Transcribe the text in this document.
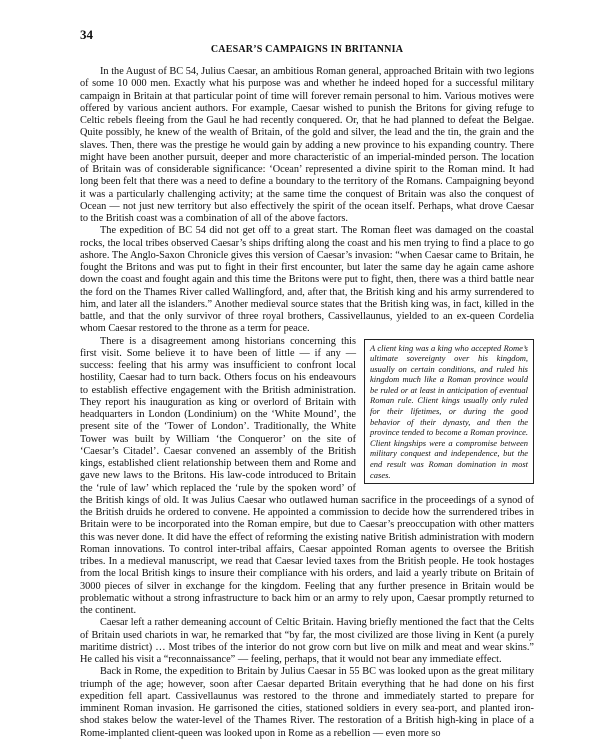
34
CAESAR’S CAMPAIGNS IN BRITANNIA

In the August of BC 54, Julius Caesar, an ambitious Roman general, approached Britain with two legions of some 10 000 men. Exactly what his purpose was and whether he indeed hoped for a successful military campaign in Britain at that particular point of time will forever remain personal to him. Various motives were offered by various ancient authors. For example, Caesar wished to punish the Britons for giving refuge to Celtic rebels fleeing from the Gaul he had recently conquered. Or, that he had planned to defeat the Belgae. Quite possibly, he knew of the wealth of Britain, of the gold and silver, the lead and the tin, the grain and the slaves. Then, there was the prestige he would gain by adding a new province to his expanding country. There might have been another pursuit, deeper and more characteristic of an imperial-minded person. The location of Britain was of considerable significance: ‘Ocean’ represented a divine spirit to the Roman mind. It had long been felt that there was a need to define a boundary to the territory of the Romans. Campaigning beyond it was a particularly challenging activity; at the same time the conquest of Britain was also the conquest of Ocean — not just new territory but also effectively the spirit of the ocean itself. Perhaps, what drove Caesar to the British coast was a combination of all of the above factors.

The expedition of BC 54 did not get off to a great start. The Roman fleet was damaged on the coastal rocks, the local tribes observed Caesar’s ships drifting along the coast and his men trying to find a place to go ashore. The Anglo-Saxon Chronicle gives this version of Caesar’s invasion: “when Caesar came to Britain, he fought the Britons and was put to fight in their first encounter, but later the same day he again came ashore down the coast and fought again and this time the Britons were put to fight, then, there was a third battle near the ford on the Thames River called Wallingford, and, after that, the British king and his army surrendered to him, and later all the islanders.” Another medieval source states that the British king was, in fact, killed in the battle, and that the only survivor of three royal brothers, Cassivellaunus, yielded to an ex-queen Cordelia whom Caesar restored to the throne as a term for peace.

A client king was a king who accepted Rome’s ultimate sovereignty over his kingdom, usually on certain conditions, and ruled his kingdom much like a Roman province would be ruled or at least in anticipation of eventual Roman rule. Client kings usually only ruled for their lifetimes, or during the good behavior of their dynasty, and then the province tended to become a Roman province. Client kingships were a compromise between military conquest and independence, but the end result was Roman domination in most cases.

There is a disagreement among historians concerning this first visit. Some believe it to have been of little — if any — success: feeling that his army was insufficient to confront local hostility, Caesar had to turn back. Others focus on his endeavours to establish effective engagement with the British administration. They report his inauguration as king or overlord of Britain with headquarters in London (Londinium) on the ‘White Mound’, the present site of the ‘Tower of London’. Traditionally, the White Tower was built by William ‘the Conqueror’ on the site of ‘Caesar’s Citadel’. Caesar convened an assembly of the British kings, established client relationship between them and Rome and gave new laws to the Britons. His law-code introduced to Britain the ‘rule of law’ which replaced the ‘rule by the spoken word’ of the British kings of old. It was Julius Caesar who outlawed human sacrifice in the proceedings of a synod of the British druids he ordered to convene. He appointed a commission to decide how the surrendered tribes in Britain were to be incorporated into the Roman empire, but due to Caesar’s preoccupation with other matters this was never done. It did have the effect of reforming the existing native British administration with modern Roman innovations. To control inter-tribal affairs, Caesar appointed Roman agents to oversee the British tribes. In a medieval manuscript, we read that Caesar levied taxes from the British people. He took hostages from the local British kings to insure their compliance with his orders, and laid a yearly tribute on Britain of 3000 pieces of silver in exchange for the kingdom. Feeling that any further presence in Britain would be problematic without a strong infrastructure to back him or an army to rely upon, Caesar promptly returned to the continent.

Caesar left a rather demeaning account of Celtic Britain. Having briefly mentioned the fact that the Celts of Britain used chariots in war, he remarked that “by far, the most civilized are those living in Kent (a purely maritime district) … Most tribes of the interior do not grow corn but live on milk and meat and wear skins.” He called his visit a “reconnaissance” — feeling, perhaps, that it would not bear any immediate effect.

Back in Rome, the expedition to Britain by Julius Caesar in 55 BC was looked upon as the great military triumph of the age; however, soon after Caesar departed Britain everything that he had done on his first expedition fell apart. Cassivellaunus was restored to the throne and immediately started to prepare for imminent Roman invasion. He garrisoned the cities, stationed soldiers in every sea-port, and planted iron-shod stakes below the water-level of the Thames River. The restoration of a British high-king in place of a Rome-implanted client-queen was looked upon in Rome as a rebellion — even more so
